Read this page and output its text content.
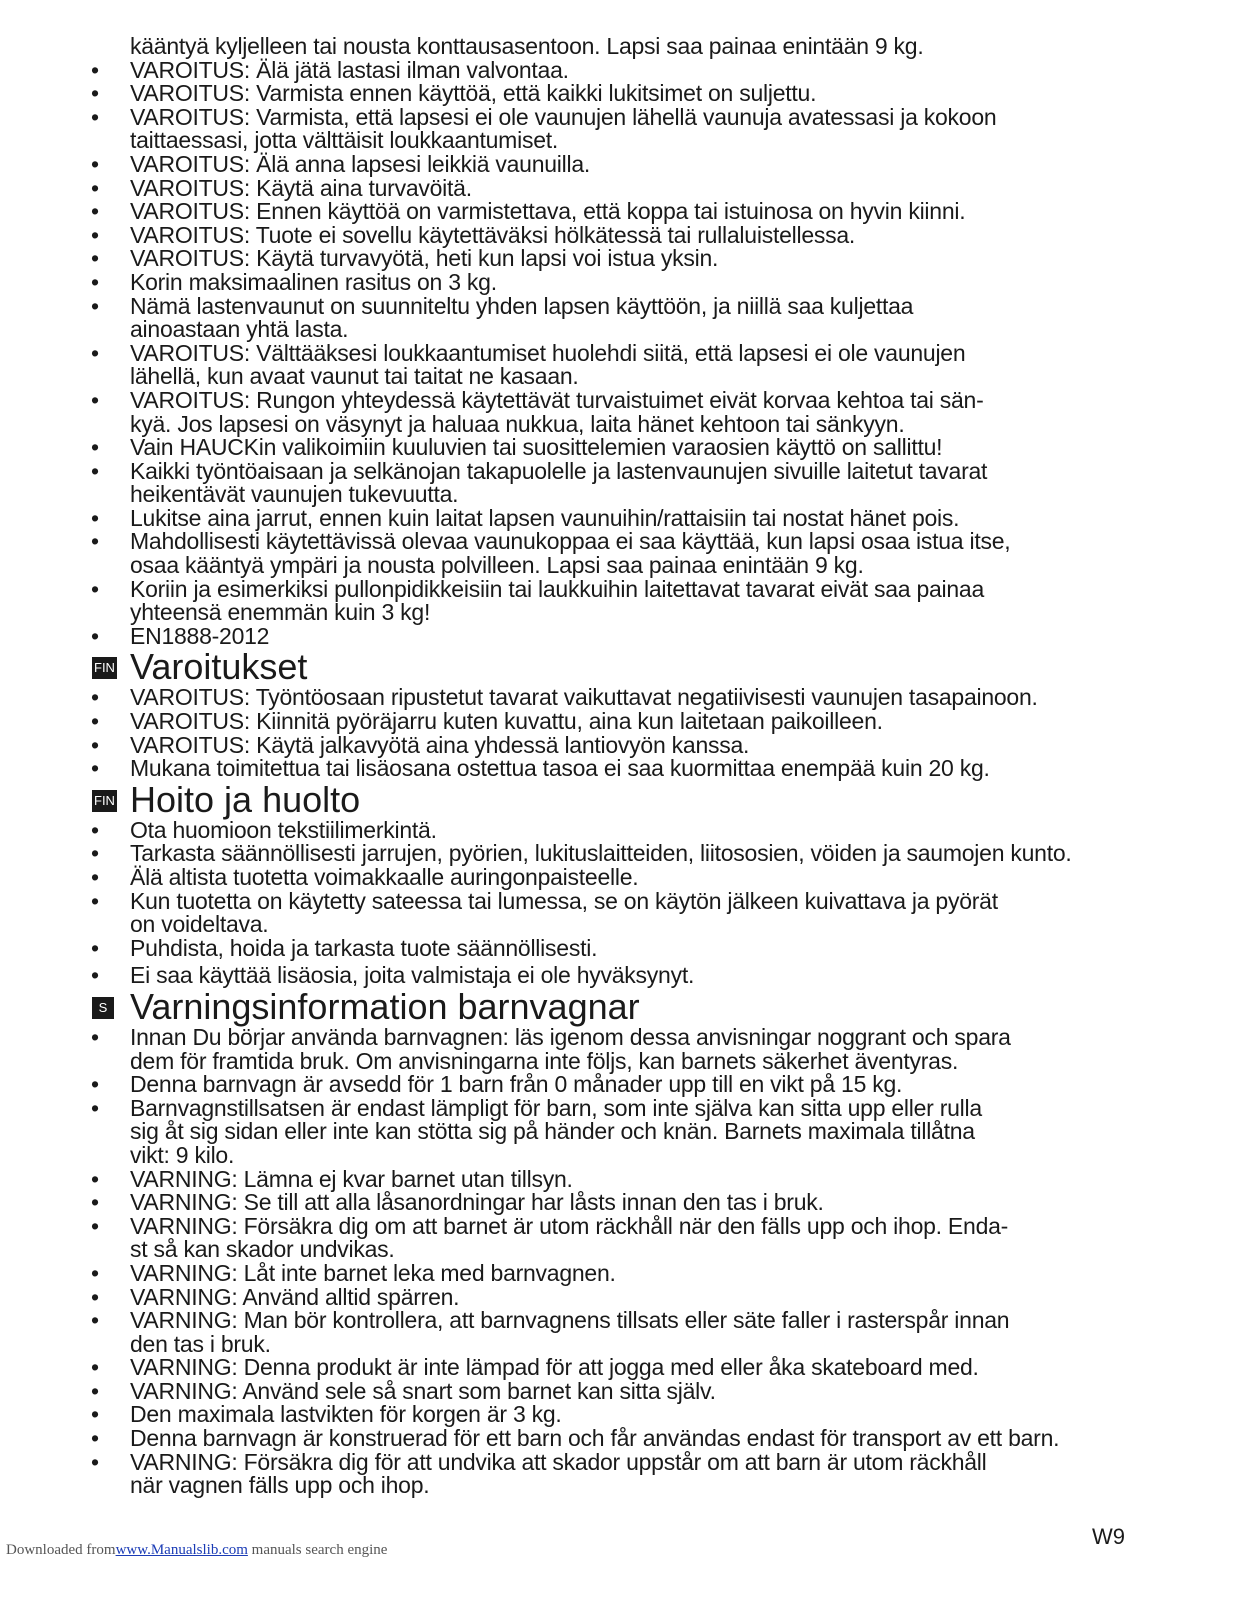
kääntyä kyljelleen tai nousta konttausasentoon. Lapsi saa painaa enintään 9 kg.
• VAROITUS: Älä jätä lastasi ilman valvontaa.
• VAROITUS: Varmista ennen käyttöä, että kaikki lukitsimet on suljettu.
• VAROITUS: Varmista, että lapsesi ei ole vaunujen lähellä vaunuja avatessasi ja kokoon
taittaessasi, jotta välttäisit loukkaantumiset.
• VAROITUS: Älä anna lapsesi leikkiä vaunuilla.
• VAROITUS: Käytä aina turvavöitä.
• VAROITUS: Ennen käyttöä on varmistettava, että koppa tai istuinosa on hyvin kiinni.
• VAROITUS: Tuote ei sovellu käytettäväksi hölkätessä tai rullaluistellessa.
• VAROITUS: Käytä turvavyötä, heti kun lapsi voi istua yksin.
• Korin maksimaalinen rasitus on 3 kg.
• Nämä lastenvaunut on suunniteltu yhden lapsen käyttöön, ja niillä saa kuljettaa
ainoastaan yhtä lasta.
• VAROITUS: Välttääksesi loukkaantumiset huolehdi siitä, että lapsesi ei ole vaunujen
lähellä, kun avaat vaunut tai taitat ne kasaan.
• VAROITUS: Rungon yhteydessä käytettävät turvaistuimet eivät korvaa kehtoa tai sän-
kyä. Jos lapsesi on väsynyt ja haluaa nukkua, laita hänet kehtoon tai sänkyyn.
• Vain HAUCKin valikoimiin kuuluvien tai suosittelemien varaosien käyttö on sallittu!
• Kaikki työntöaisaan ja selkänojan takapuolelle ja lastenvaunujen sivuille laitetut tavarat
heikentävät vaunujen tukevuutta.
• Lukitse aina jarrut, ennen kuin laitat lapsen vaunuihin/rattaisiin tai nostat hänet pois.
• Mahdollisesti käytettävissä olevaa vaunukoppaa ei saa käyttää, kun lapsi osaa istua itse,
osaa kääntyä ympäri ja nousta polvilleen. Lapsi saa painaa enintään 9 kg.
• Koriin ja esimerkiksi pullonpidikkeisiin tai laukkuihin laitettavat tavarat eivät saa painaa
yhteensä enemmän kuin 3 kg!
• EN1888-2012
FIN Varoitukset
• VAROITUS: Työntöosaan ripustetut tavarat vaikuttavat negatiivisesti vaunujen tasapainoon.
• VAROITUS: Kiinnitä pyöräjarru kuten kuvattu, aina kun laitetaan paikoilleen.
• VAROITUS: Käytä jalkavyötä aina yhdessä lantiovyön kanssa.
• Mukana toimitettua tai lisäosana ostettua tasoa ei saa kuormittaa enempää kuin 20 kg.
FIN Hoito ja huolto
• Ota huomioon tekstiilimerkintä.
• Tarkasta säännöllisesti jarrujen, pyörien, lukituslaitteiden, liitososien, vöiden ja saumojen kunto.
• Älä altista tuotetta voimakkaalle auringonpaisteelle.
• Kun tuotetta on käytetty sateessa tai lumessa, se on käytön jälkeen kuivattava ja pyörät
on voideltava.
• Puhdista, hoida ja tarkasta tuote säännöllisesti.
• Ei saa käyttää lisäosia, joita valmistaja ei ole hyväksynyt.
S Varningsinformation barnvagnar
• Innan Du börjar använda barnvagnen: läs igenom dessa anvisningar noggrant och spara
dem för framtida bruk. Om anvisningarna inte följs, kan barnets säkerhet äventyras.
• Denna barnvagn är avsedd för 1 barn från 0 månader upp till en vikt på 15 kg.
• Barnvagnstillsatsen är endast lämpligt för barn, som inte själva kan sitta upp eller rulla
sig åt sig sidan eller inte kan stötta sig på händer och knän. Barnets maximala tillåtna
vikt: 9 kilo.
• VARNING: Lämna ej kvar barnet utan tillsyn.
• VARNING: Se till att alla låsanordningar har låsts innan den tas i bruk.
• VARNING: Försäkra dig om att barnet är utom räckhåll när den fälls upp och ihop. Enda-
st så kan skador undvikas.
• VARNING: Låt inte barnet leka med barnvagnen.
• VARNING: Använd alltid spärren.
• VARNING: Man bör kontrollera, att barnvagnens tillsats eller säte faller i rasterspår innan
den tas i bruk.
• VARNING: Denna produkt är inte lämpad för att jogga med eller åka skateboard med.
• VARNING: Använd sele så snart som barnet kan sitta själv.
• Den maximala lastvikten för korgen är 3 kg.
• Denna barnvagn är konstruerad för ett barn och får användas endast för transport av ett barn.
• VARNING: Försäkra dig för att undvika att skador uppstår om att barn är utom räckhåll
när vagnen fälls upp och ihop.
Downloaded fromwww.Manualslib.com manuals search engine
W9
